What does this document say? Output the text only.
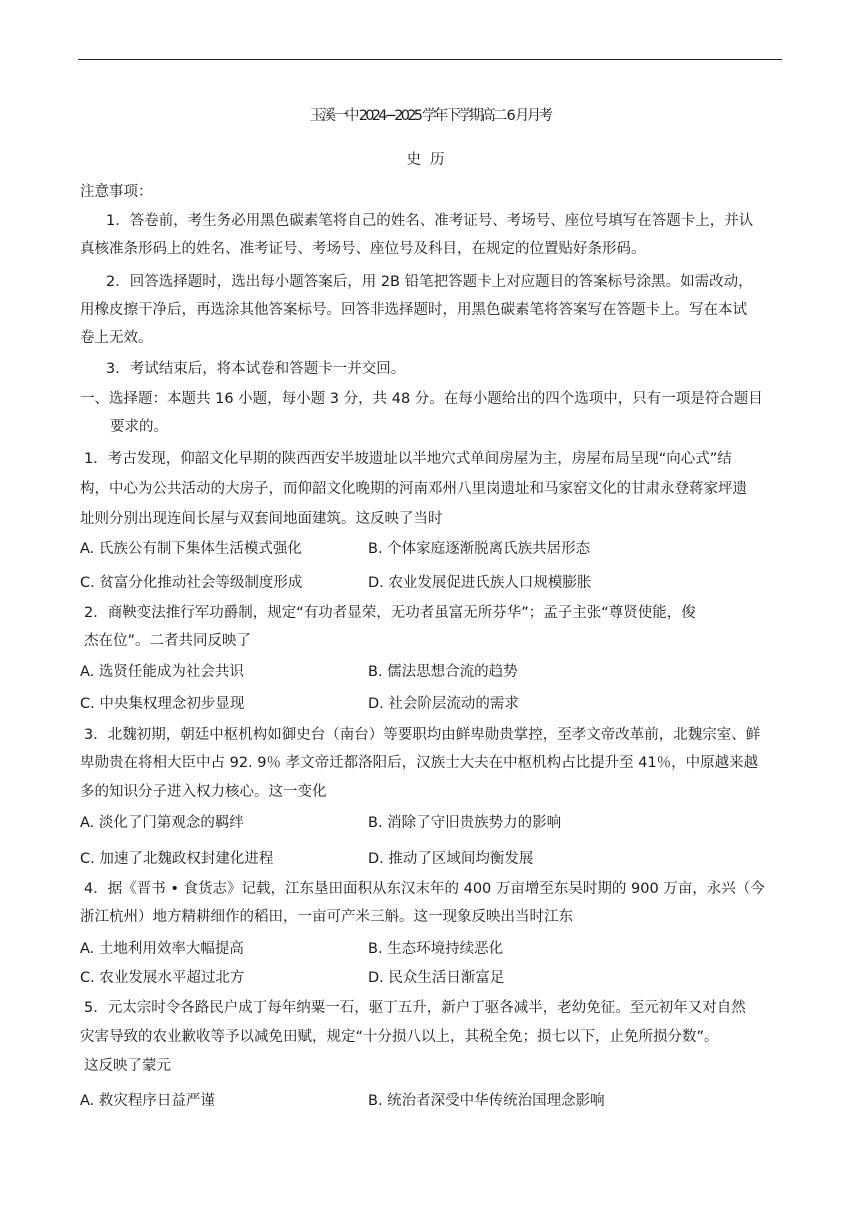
玉溪一中 2024−2025 学年下学期高二 6 月月考
注意事项：
1．答卷前，考生务必用黑色碳素笔将自己的姓名、准考证号、考场号、座位号填写在答题卡上，并认
真核准条形码上的姓名、准考证号、考场号、座位号及科目，在规定的位置贴好条形码。
2．回答选择题时，选出每小题答案后，用 2B 铅笔把答题卡上对应题目的答案标号涂黑。如需改动，
用橡皮擦干净后，再选涂其他答案标号。回答非选择题时，用黑色碳素笔将答案写在答题卡上。写在本试
卷上无效。
3．考试结束后，将本试卷和答题卡一并交回。
一、选择题：本题共 16 小题，每小题 3 分，共 48 分。在每小题给出的四个选项中，只有一项是符合题目
要求的。
1．考古发现，仰韶文化早期的陕西西安半坡遗址以半地穴式单间房屋为主，房屋布局呈现“向心式”结
构，中心为公共活动的大房子，而仰韶文化晚期的河南邓州八里岗遗址和马家窑文化的甘肃永登蒋家坪遗
址则分别出现连间长屋与双套间地面建筑。这反映了当时
A. 氏族公有制下集体生活模式强化	B. 个体家庭逐渐脱离氏族共居形态
C. 贫富分化推动社会等级制度形成	D. 农业发展促进氏族人口规模膨胀
2．商鞅变法推行军功爵制，规定“有功者显荣，无功者虽富无所芬华”；孟子主张“尊贤使能，俊
杰在位”。二者共同反映了
A. 选贤任能成为社会共识	B. 儒法思想合流的趋势
C. 中央集权理念初步显现	D. 社会阶层流动的需求
3．北魏初期，朝廷中枢机构如御史台（南台）等要职均由鲜卑勋贵掌控，至孝文帝改革前，北魏宗室、鲜
卑勋贵在将相大臣中占 92. 9％ 孝文帝迁都洛阳后，汉族士大夫在中枢机构占比提升至 41％，中原越来越
多的知识分子进入权力核心。这一变化
A. 淡化了门第观念的羁绊	B. 消除了守旧贵族势力的影响
C. 加速了北魏政权封建化进程	D. 推动了区域间均衡发展
4．据《晋书 • 食货志》记载，江东垦田面积从东汉末年的 400 万亩增至东吴时期的 900 万亩，永兴（今
浙江杭州）地方精耕细作的稻田，一亩可产米三斛。这一现象反映出当时江东
A. 土地利用效率大幅提高	B. 生态环境持续恶化
C. 农业发展水平超过北方	D. 民众生活日渐富足
5．元太宗时令各路民户成丁每年纳粟一石，驱丁五升，新户丁驱各减半，老幼免征。至元初年又对自然
灾害导致的农业歉收等予以减免田赋，规定“十分损八以上，其税全免；损七以下，止免所损分数”。
这反映了蒙元
A. 救灾程序日益严谨	B. 统治者深受中华传统治国理念影响
